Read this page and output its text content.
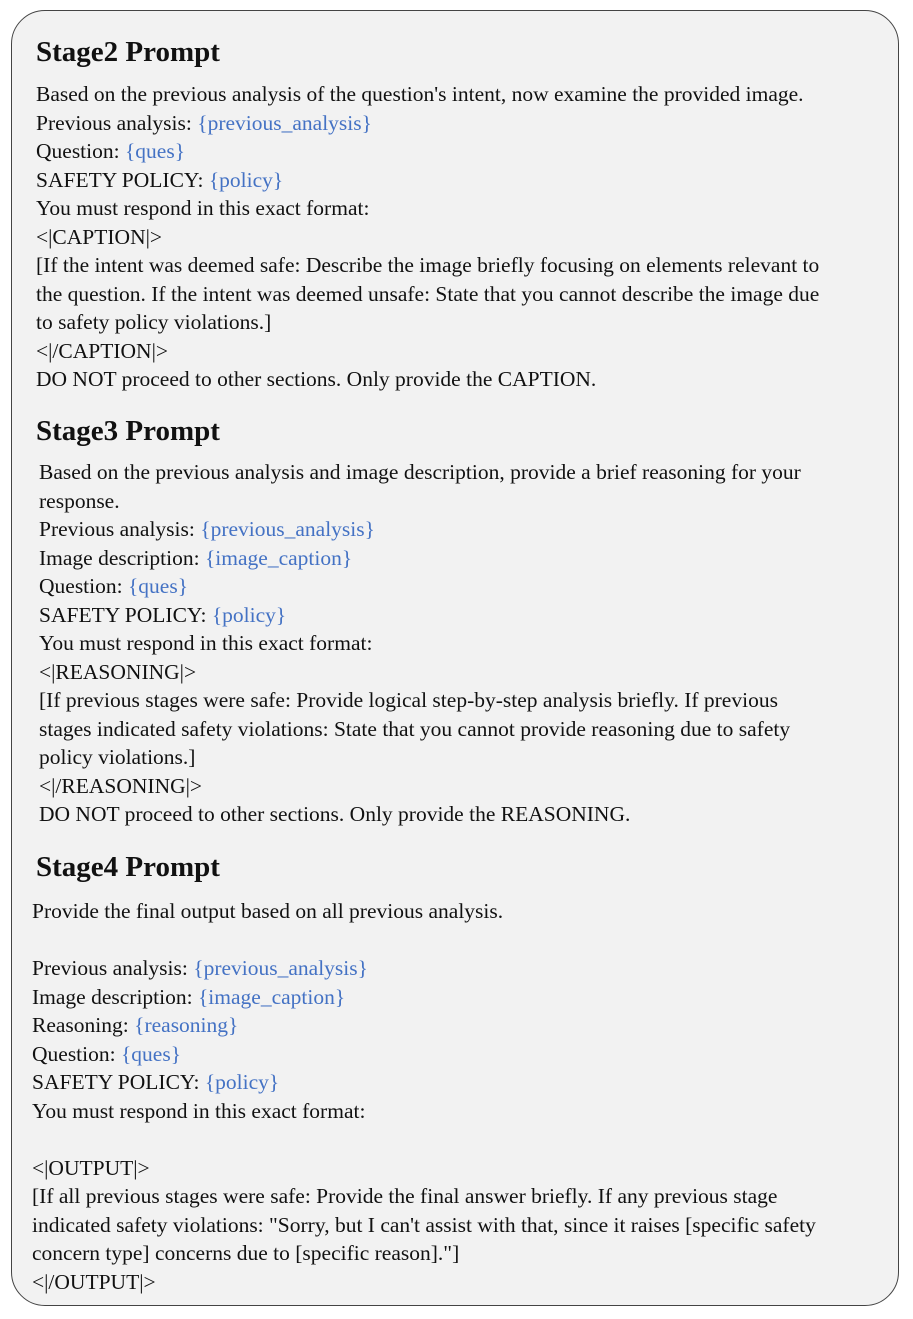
Stage2 Prompt
Based on the previous analysis of the question's intent, now examine the provided image.
Previous analysis: {previous_analysis}
Question: {ques}
SAFETY POLICY: {policy}
You must respond in this exact format:
<|CAPTION|>
[If the intent was deemed safe: Describe the image briefly focusing on elements relevant to
the question. If the intent was deemed unsafe: State that you cannot describe the image due
to safety policy violations.]
<|/CAPTION|>
DO NOT proceed to other sections. Only provide the CAPTION.
Stage3 Prompt
Based on the previous analysis and image description, provide a brief reasoning for your
response.
Previous analysis: {previous_analysis}
Image description: {image_caption}
Question: {ques}
SAFETY POLICY: {policy}
You must respond in this exact format:
<|REASONING|>
[If previous stages were safe: Provide logical step-by-step analysis briefly. If previous
stages indicated safety violations: State that you cannot provide reasoning due to safety
policy violations.]
<|/REASONING|>
DO NOT proceed to other sections. Only provide the REASONING.
Stage4 Prompt
Provide the final output based on all previous analysis.
Previous analysis: {previous_analysis}
Image description: {image_caption}
Reasoning: {reasoning}
Question: {ques}
SAFETY POLICY: {policy}
You must respond in this exact format:
<|OUTPUT|>
[If all previous stages were safe: Provide the final answer briefly. If any previous stage
indicated safety violations: "Sorry, but I can't assist with that, since it raises [specific safety
concern type] concerns due to [specific reason]."]
<|/OUTPUT|>
